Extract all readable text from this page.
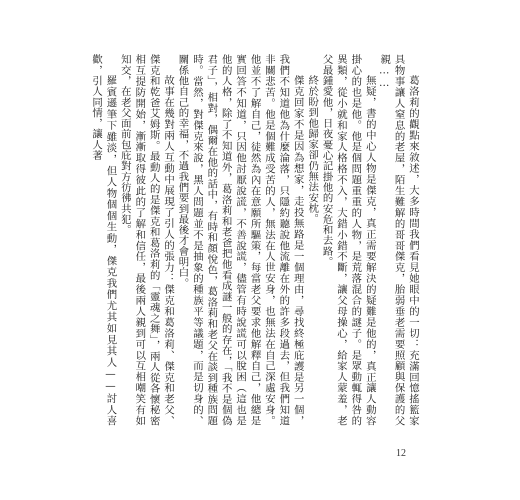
葛洛莉的觀點來敘述，大多時間我們看見她眼中的一切：充滿回憶搖籃家具物事讓人窒息的老屋，陌生難解的哥哥傑克，胎弱垂老需要照顧與保護的父親……

無疑，書的中心人物是傑克，真正需要解決的疑難是他的，真正讓人動容掛心的也是他。他是個問題重重的人物，是荒落混合的謎子。是眾動輒得咎的異類，從小就和家人格格不入，大錯小錯不斷，讓父母操心，給家人蒙羞，老父最鍾愛他，日夜憂心記掛他的安危和去路。

終於盼到他歸家卻仍無法安枕。

傑克回家不是因為想家，走投無路是一個理由，尋找終極庇護是另一個，我們不知道他為什麼淪落，只隱約聽說他流離在外的許多段過去，但我們知道非關悲苦。他是個難成受苦的人，無法在人世安身，也無法在自己深處安身。他並不了解自己，徒然為內在意願所驅策，每當老父要求他解釋自己，他總是實回答不知道，只因他討厭說謊，不善說謊，儘管有時說謊可以脫困（這也是他的人格，除了不知道外，葛洛莉和老爸把他看成謎一般的存在，「我不是個偽君子」，相對，偶爾在他的話中，有時和顏悅色，葛洛莉和老父在談到種族問題時。當然，對傑克來說，黑人問題並不是抽象的種族平等議題，而是切身的、關係他自己的幸福，不過我們要到最後才會明白。

故事在幾對兩人互動中展現了引人的張力：傑克和葛洛莉、傑克和老父、傑克和乾爸艾姆斯。最動人的是傑克和葛洛莉的「靈魂之舞」，兩人從各懷秘密相互提防開始，漸漸取得彼此的了解和信任，最後兩人親到可以互相嘲笑有如知交，在老父面前包庇對方彷彿共犯。

羅賓遜筆下雖淡，但人物個個生動，傑克我們尤其如見其人——討人喜歡，引人同情，讓人著

12
